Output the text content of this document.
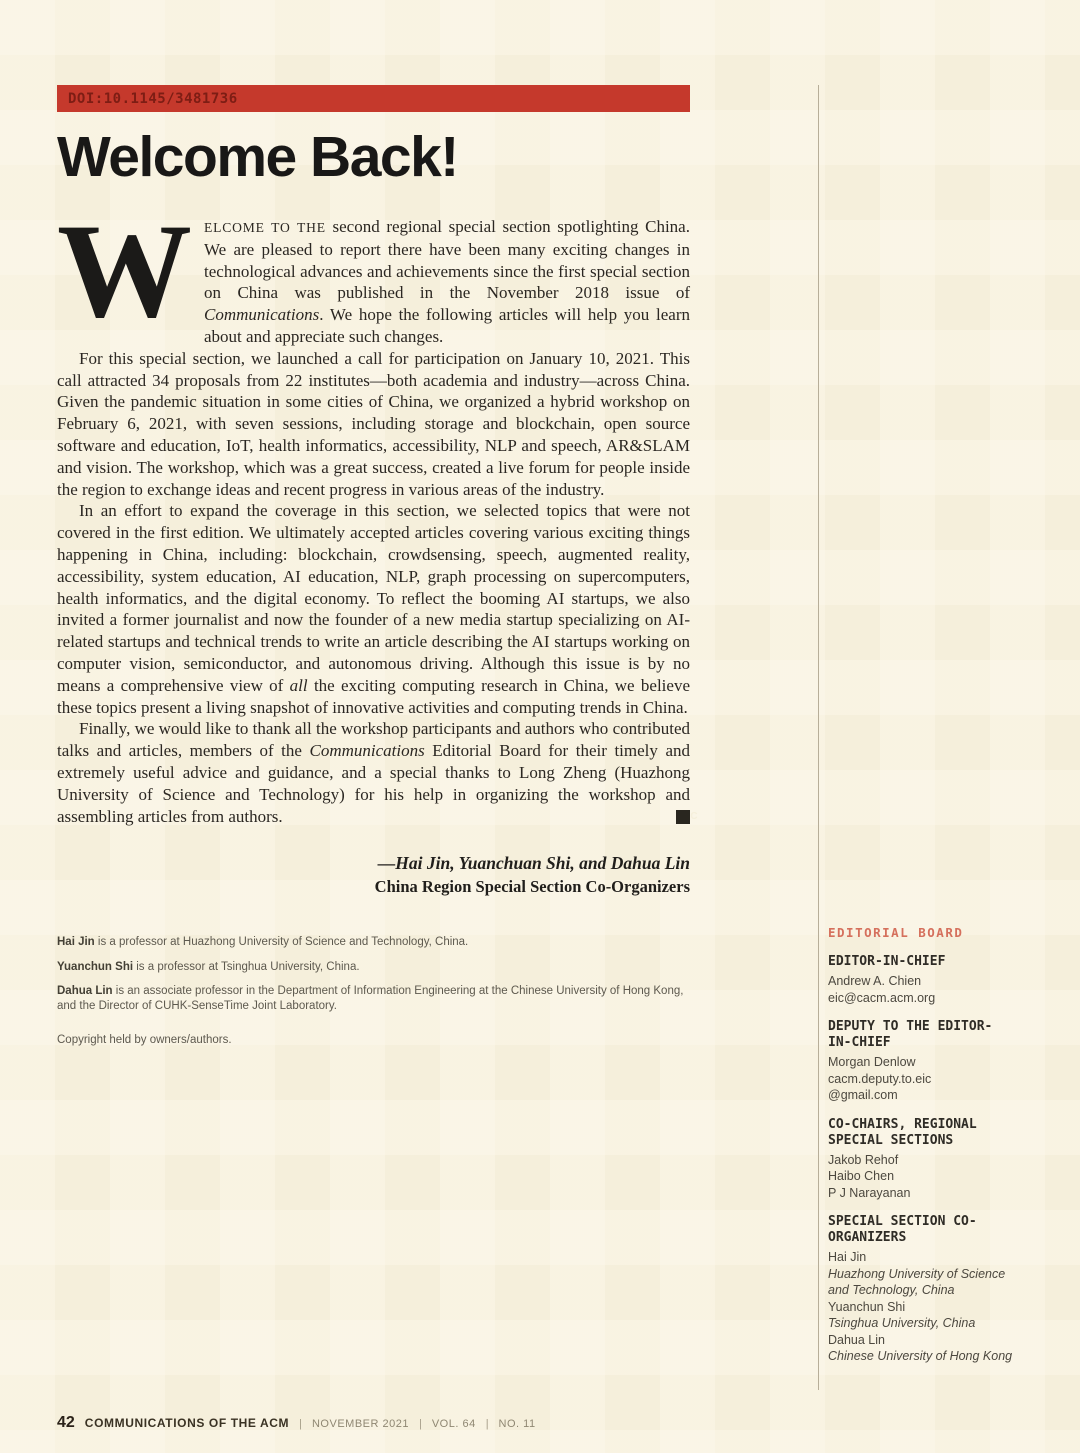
DOI:10.1145/3481736
Welcome Back!

W ELCOME TO THE second regional special section spotlighting China. We are pleased to report there have been many exciting changes in technological advances and achievements since the first special section on China was published in the November 2018 issue of Communications. We hope the following articles will help you learn about and appreciate such changes.

For this special section, we launched a call for participation on January 10, 2021. This call attracted 34 proposals from 22 institutes—both academia and industry—across China. Given the pandemic situation in some cities of China, we organized a hybrid workshop on February 6, 2021, with seven sessions, including storage and blockchain, open source software and education, IoT, health informatics, accessibility, NLP and speech, AR&SLAM and vision. The workshop, which was a great success, created a live forum for people inside the region to exchange ideas and recent progress in various areas of the industry.

In an effort to expand the coverage in this section, we selected topics that were not covered in the first edition. We ultimately accepted articles covering various exciting things happening in China, including: blockchain, crowdsensing, speech, augmented reality, accessibility, system education, AI education, NLP, graph processing on supercomputers, health informatics, and the digital economy. To reflect the booming AI startups, we also invited a former journalist and now the founder of a new media startup specializing on AI-related startups and technical trends to write an article describing the AI startups working on computer vision, semiconductor, and autonomous driving. Although this issue is by no means a comprehensive view of all the exciting computing research in China, we believe these topics present a living snapshot of innovative activities and computing trends in China.

Finally, we would like to thank all the workshop participants and authors who contributed talks and articles, members of the Communications Editorial Board for their timely and extremely useful advice and guidance, and a special thanks to Long Zheng (Huazhong University of Science and Technology) for his help in organizing the workshop and assembling articles from authors.	C

—Hai Jin, Yuanchuan Shi, and Dahua Lin
China Region Special Section Co-Organizers

Hai Jin is a professor at Huazhong University of Science and Technology, China.

Yuanchun Shi is a professor at Tsinghua University, China.

Dahua Lin is an associate professor in the Department of Information Engineering at the Chinese University of Hong Kong, and the Director of CUHK-SenseTime Joint Laboratory.

Copyright held by owners/authors.

EDITORIAL BOARD
EDITOR-IN-CHIEF
Andrew A. Chien
eic@cacm.acm.org
DEPUTY TO THE EDITOR-IN-CHIEF
Morgan Denlow
cacm.deputy.to.eic
@gmail.com
CO-CHAIRS, REGIONAL SPECIAL SECTIONS
Jakob Rehof
Haibo Chen
P J Narayanan
SPECIAL SECTION CO-ORGANIZERS
Hai Jin
Huazhong University of Science and Technology, China
Yuanchun Shi
Tsinghua University, China
Dahua Lin
Chinese University of Hong Kong
42 COMMUNICATIONS OF THE ACM | NOVEMBER 2021 | VOL. 64 | NO. 11
